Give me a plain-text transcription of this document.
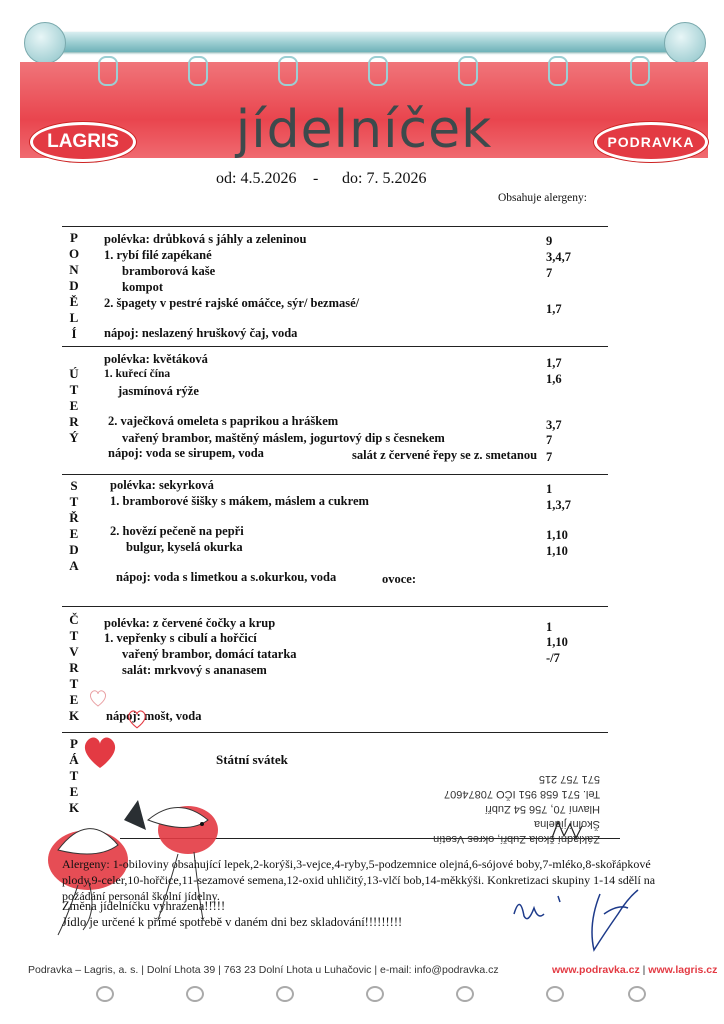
LAGRIS	jídelníček	PODRAVKA
od: 4.5.2026 - do: 7. 5.2026
Obsahuje alergeny:
P
O
N
D
Ě
L
Í
polévka: drůbková s jáhly a zeleninou	9
1. rybí filé zapékané	3,4,7
bramborová kaše	7
kompot
2. špagety v pestré rajské omáčce, sýr/ bezmasé/	1,7
nápoj: neslazený hruškový čaj, voda
Ú
T
E
R
Ý
polévka: květáková	1,7
1. kuřecí čína	1,6
jasmínová rýže
2. vaječková omeleta s paprikou a hráškem	3,7
vařený brambor, maštěný máslem, jogurtový dip s česnekem	7
nápoj: voda se sirupem, voda	salát z červené řepy se z. smetanou 7
S
T
Ř
E
D
A
polévka: sekyrková	1
1. bramborové šišky s mákem, máslem a cukrem	1,3,7
2. hovězí pečeně na pepři	1,10
bulgur, kyselá okurka	1,10
nápoj: voda s limetkou a s.okurkou, voda	ovoce:
Č
T
V
R
T
E
K
polévka: z červené čočky a krup	1
1. vepřenky s cibulí a hořčicí	1,10
vařený brambor, domácí tatarka	-/7
salát: mrkvový s ananasem
nápoj: mošt, voda
P
Á
T
E
K
Státní svátek
Základní škola Zubří, okres Vsetín
Školní jídelna
Hlavní 70, 756 54 Zubří
Tel. 571 658 951 IČO 70874607
571 757 215
Alergeny: 1-obiloviny obsahující lepek,2-korýši,3-vejce,4-ryby,5-podzemnice olejná,6-sójové boby,7-mléko,8-skořápkové plody,9-celer,10-hořčice,11-sezamové semena,12-oxid uhličitý,13-vlčí bob,14-měkkýši. Konkretizaci skupiny 1-14 sdělí na požádání personál školní jídelny.
Změna jídelníčku vyhrazena!!!!!
Jídlo je určené k přímé spotřebě v daném dni bez skladování!!!!!!!!!
Podravka – Lagris, a. s. | Dolní Lhota 39 | 763 23 Dolní Lhota u Luhačovic | e-mail: info@podravka.cz	www.podravka.cz | www.lagris.cz
